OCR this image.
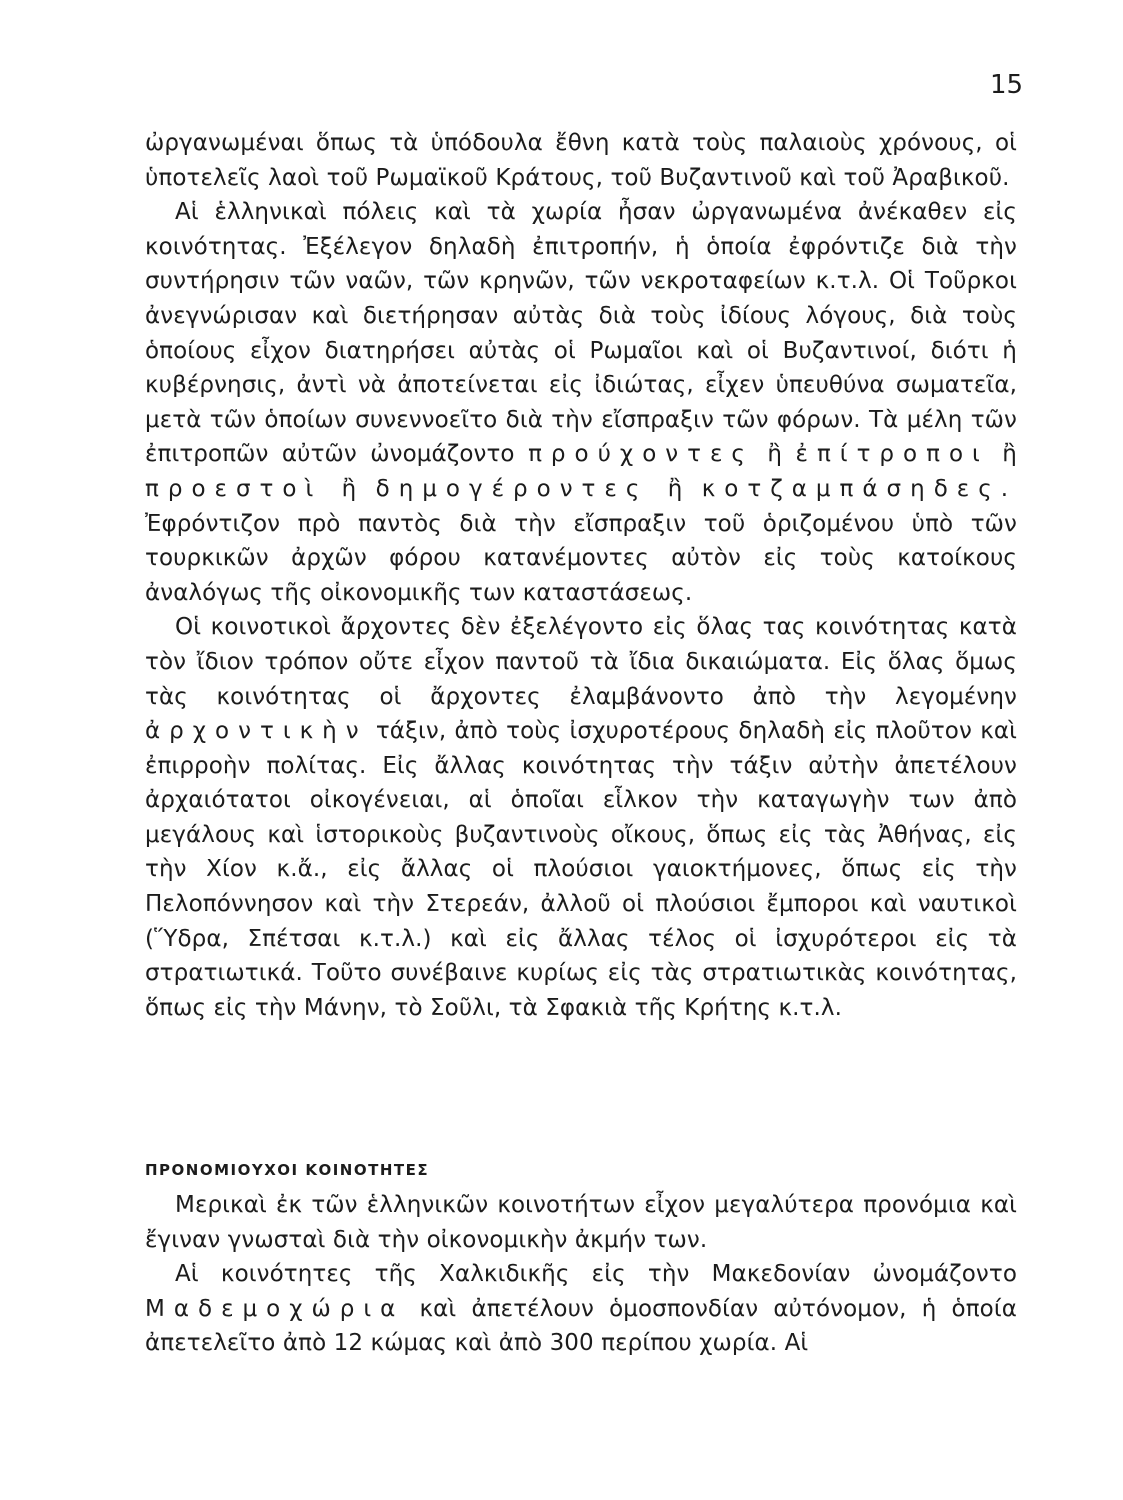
15

ὠργανωμέναι ὅπως τὰ ὑπόδουλα ἔθνη κατὰ τοὺς παλαιοὺς χρόνους, οἱ ὑποτελεῖς λαοὶ τοῦ Ρωμαϊκοῦ Κράτους, τοῦ Βυζαντινοῦ καὶ τοῦ Ἀραβικοῦ.

Αἱ ἑλληνικαὶ πόλεις καὶ τὰ χωρία ἦσαν ὠργανωμένα ἀνέκαθεν εἰς κοινότητας. Ἐξέλεγον δηλαδὴ ἐπιτροπήν, ἡ ὁποία ἐφρόντιζε διὰ τὴν συντήρησιν τῶν ναῶν, τῶν κρηνῶν, τῶν νεκροταφείων κ.τ.λ. Οἱ Τοῦρκοι ἀνεγνώρισαν καὶ διετήρησαν αὐτὰς διὰ τοὺς ἰδίους λόγους, διὰ τοὺς ὁποίους εἶχον διατηρήσει αὐτὰς οἱ Ρωμαῖοι καὶ οἱ Βυζαντινοί, διότι ἡ κυβέρνησις, ἀντὶ νὰ ἀποτείνεται εἰς ἰδιώτας, εἶχεν ὑπευθύνα σωματεῖα, μετὰ τῶν ὁποίων συνεννοεῖτο διὰ τὴν εἴσπραξιν τῶν φόρων. Τὰ μέλη τῶν ἐπιτροπῶν αὐτῶν ὠνομάζοντο προύχοντες ἢ ἐπίτροποι ἢ προεστοὶ ἢ δημογέροντες ἢ κοτζαμπάσηδες. Ἐφρόντιζον πρὸ παντὸς διὰ τὴν εἴσπραξιν τοῦ ὁριζομένου ὑπὸ τῶν τουρκικῶν ἀρχῶν φόρου κατανέμοντες αὐτὸν εἰς τοὺς κατοίκους ἀναλόγως τῆς οἰκονομικῆς των καταστάσεως.

Οἱ κοινοτικοὶ ἄρχοντες δὲν ἐξελέγοντο εἰς ὅλας τας κοινότητας κατὰ τὸν ἴδιον τρόπον οὔτε εἶχον παντοῦ τὰ ἴδια δικαιώματα. Εἰς ὅλας ὅμως τὰς κοινότητας οἱ ἄρχοντες ἐλαμβάνοντο ἀπὸ τὴν λεγομένην ἀρχοντικὴν τάξιν, ἀπὸ τοὺς ἰσχυροτέρους δηλαδὴ εἰς πλοῦτον καὶ ἐπιρροὴν πολίτας. Εἰς ἄλλας κοινότητας τὴν τάξιν αὐτὴν ἀπετέλουν ἀρχαιότατοι οἰκογένειαι, αἱ ὁποῖαι εἷλκον τὴν καταγωγὴν των ἀπὸ μεγάλους καὶ ἱστορικοὺς βυζαντινοὺς οἴκους, ὅπως εἰς τὰς Ἀθήνας, εἰς τὴν Χίον κ.ἄ., εἰς ἄλλας οἱ πλούσιοι γαιοκτήμονες, ὅπως εἰς τὴν Πελοπόννησον καὶ τὴν Στερεάν, ἀλλοῦ οἱ πλούσιοι ἔμποροι καὶ ναυτικοὶ (Ὕδρα, Σπέτσαι κ.τ.λ.) καὶ εἰς ἄλλας τέλος οἱ ἰσχυρότεροι εἰς τὰ στρατιωτικά. Τοῦτο συνέβαινε κυρίως εἰς τὰς στρατιωτικὰς κοινότητας, ὅπως εἰς τὴν Μάνην, τὸ Σοῦλι, τὰ Σφακιὰ τῆς Κρήτης κ.τ.λ.

ΠΡΟΝΟΜΙΟΥΧΟΙ ΚΟΙΝΟΤΗΤΕΣ

Μερικαὶ ἐκ τῶν ἑλληνικῶν κοινοτήτων εἶχον μεγαλύτερα προνόμια καὶ ἔγιναν γνωσταὶ διὰ τὴν οἰκονομικὴν ἀκμήν των.

Αἱ κοινότητες τῆς Χαλκιδικῆς εἰς τὴν Μακεδονίαν ὠνομάζοντο Μαδεμοχώρια καὶ ἀπετέλουν ὁμοσπονδίαν αὐτόνομον, ἡ ὁποία ἀπετελεῖτο ἀπὸ 12 κώμας καὶ ἀπὸ 300 περίπου χωρία. Αἱ
